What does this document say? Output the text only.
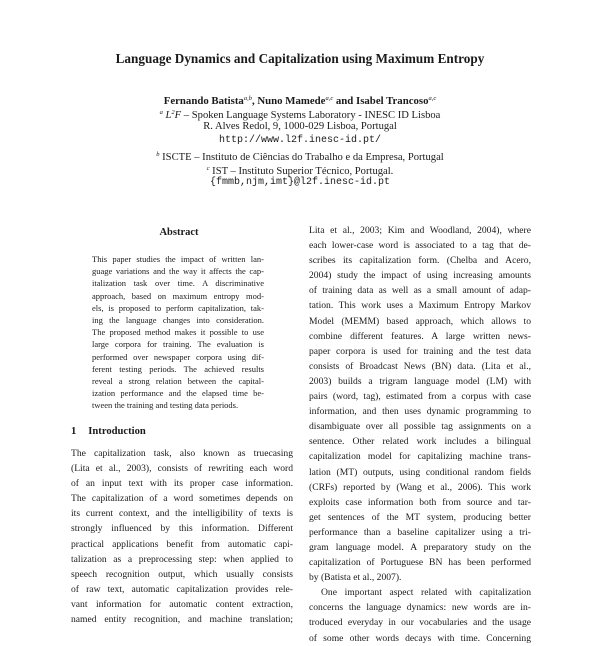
Language Dynamics and Capitalization using Maximum Entropy
Fernando Batista$^{a,b}$, Nuno Mamede$^{a,c}$ and Isabel Trancoso$^{a,c}$
$^a$ $L^2F$ – Spoken Language Systems Laboratory - INESC ID Lisboa
R. Alves Redol, 9, 1000-029 Lisboa, Portugal
http://www.l2f.inesc-id.pt/
$^b$ ISCTE – Instituto de Ciências do Trabalho e da Empresa, Portugal
$^c$ IST – Instituto Superior Técnico, Portugal.
{fmmb,njm,imt}@l2f.inesc-id.pt
Abstract
This paper studies the impact of written lan-
guage variations and the way it affects the cap-
italization task over time. A discriminative
approach, based on maximum entropy mod-
els, is proposed to perform capitalization, tak-
ing the language changes into consideration.
The proposed method makes it possible to use
large corpora for training. The evaluation is
performed over newspaper corpora using dif-
ferent testing periods. The achieved results
reveal a strong relation between the capital-
ization performance and the elapsed time be-
tween the training and testing data periods.
1 Introduction
The capitalization task, also known as truecasing
(Lita et al., 2003), consists of rewriting each word
of an input text with its proper case information.
The capitalization of a word sometimes depends on
its current context, and the intelligibility of texts is
strongly influenced by this information. Different
practical applications benefit from automatic capi-
talization as a preprocessing step: when applied to
speech recognition output, which usually consists
of raw text, automatic capitalization provides rele-
vant information for automatic content extraction,
named entity recognition, and machine translation;
Lita et al., 2003; Kim and Woodland, 2004), where
each lower-case word is associated to a tag that de-
scribes its capitalization form. (Chelba and Acero,
2004) study the impact of using increasing amounts
of training data as well as a small amount of adap-
tation. This work uses a Maximum Entropy Markov
Model (MEMM) based approach, which allows to
combine different features. A large written news-
paper corpora is used for training and the test data
consists of Broadcast News (BN) data. (Lita et al.,
2003) builds a trigram language model (LM) with
pairs (word, tag), estimated from a corpus with case
information, and then uses dynamic programming to
disambiguate over all possible tag assignments on a
sentence. Other related work includes a bilingual
capitalization model for capitalizing machine trans-
lation (MT) outputs, using conditional random fields
(CRFs) reported by (Wang et al., 2006). This work
exploits case information both from source and tar-
get sentences of the MT system, producing better
performance than a baseline capitalizer using a tri-
gram language model. A preparatory study on the
capitalization of Portuguese BN has been performed
by (Batista et al., 2007).
One important aspect related with capitalization
concerns the language dynamics: new words are in-
troduced everyday in our vocabularies and the usage
of some other words decays with time. Concerning
